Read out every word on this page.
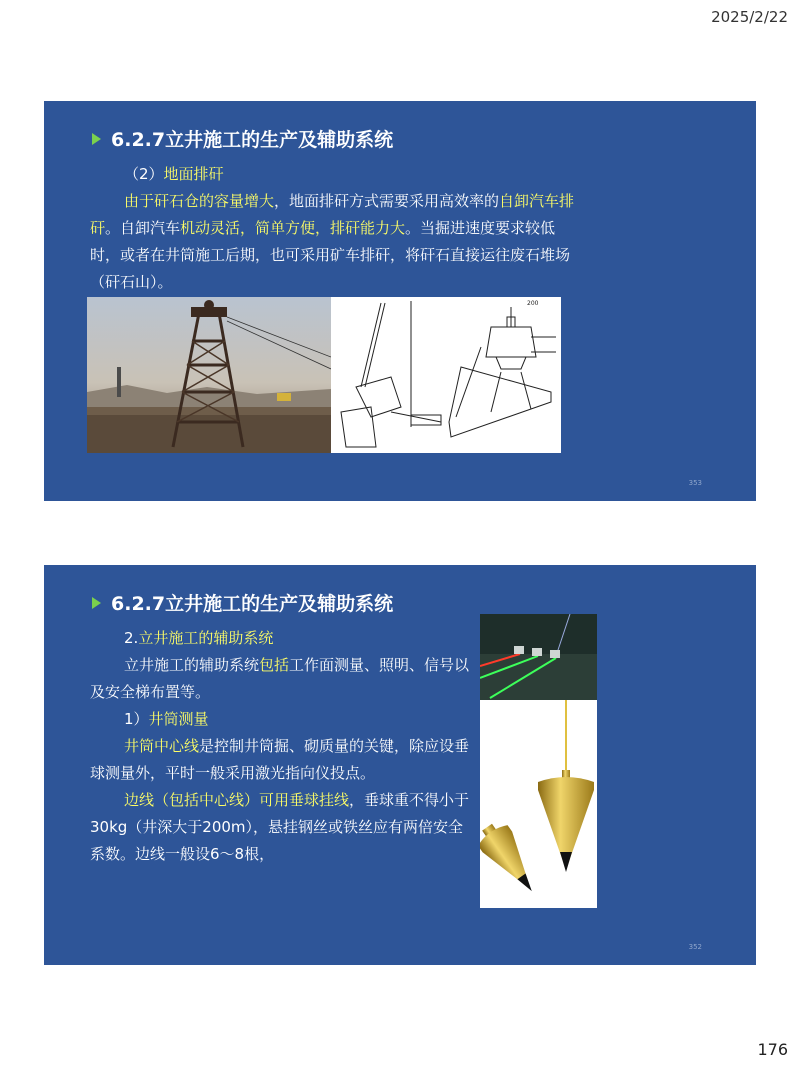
2025/2/22
6.2.7立井施工的生产及辅助系统
（2）地面排矸
由于矸石仓的容量增大，地面排矸方式需要采用高效率的自卸汽车排矸。自卸汽车机动灵活，简单方便，排矸能力大。当掘进速度要求较低时，或者在井筒施工后期，也可采用矿车排矸，将矸石直接运往废石堆场（矸石山）。
200
353
6.2.7立井施工的生产及辅助系统
2.立井施工的辅助系统
立井施工的辅助系统包括工作面测量、照明、信号以及安全梯布置等。
1）井筒测量
井筒中心线是控制井筒掘、砌质量的关键，除应设垂球测量外，平时一般采用激光指向仪投点。
边线（包括中心线）可用垂球挂线，垂球重不得小于30kg（井深大于200m），悬挂钢丝或铁丝应有两倍安全系数。边线一般设6～8根，
352
176
